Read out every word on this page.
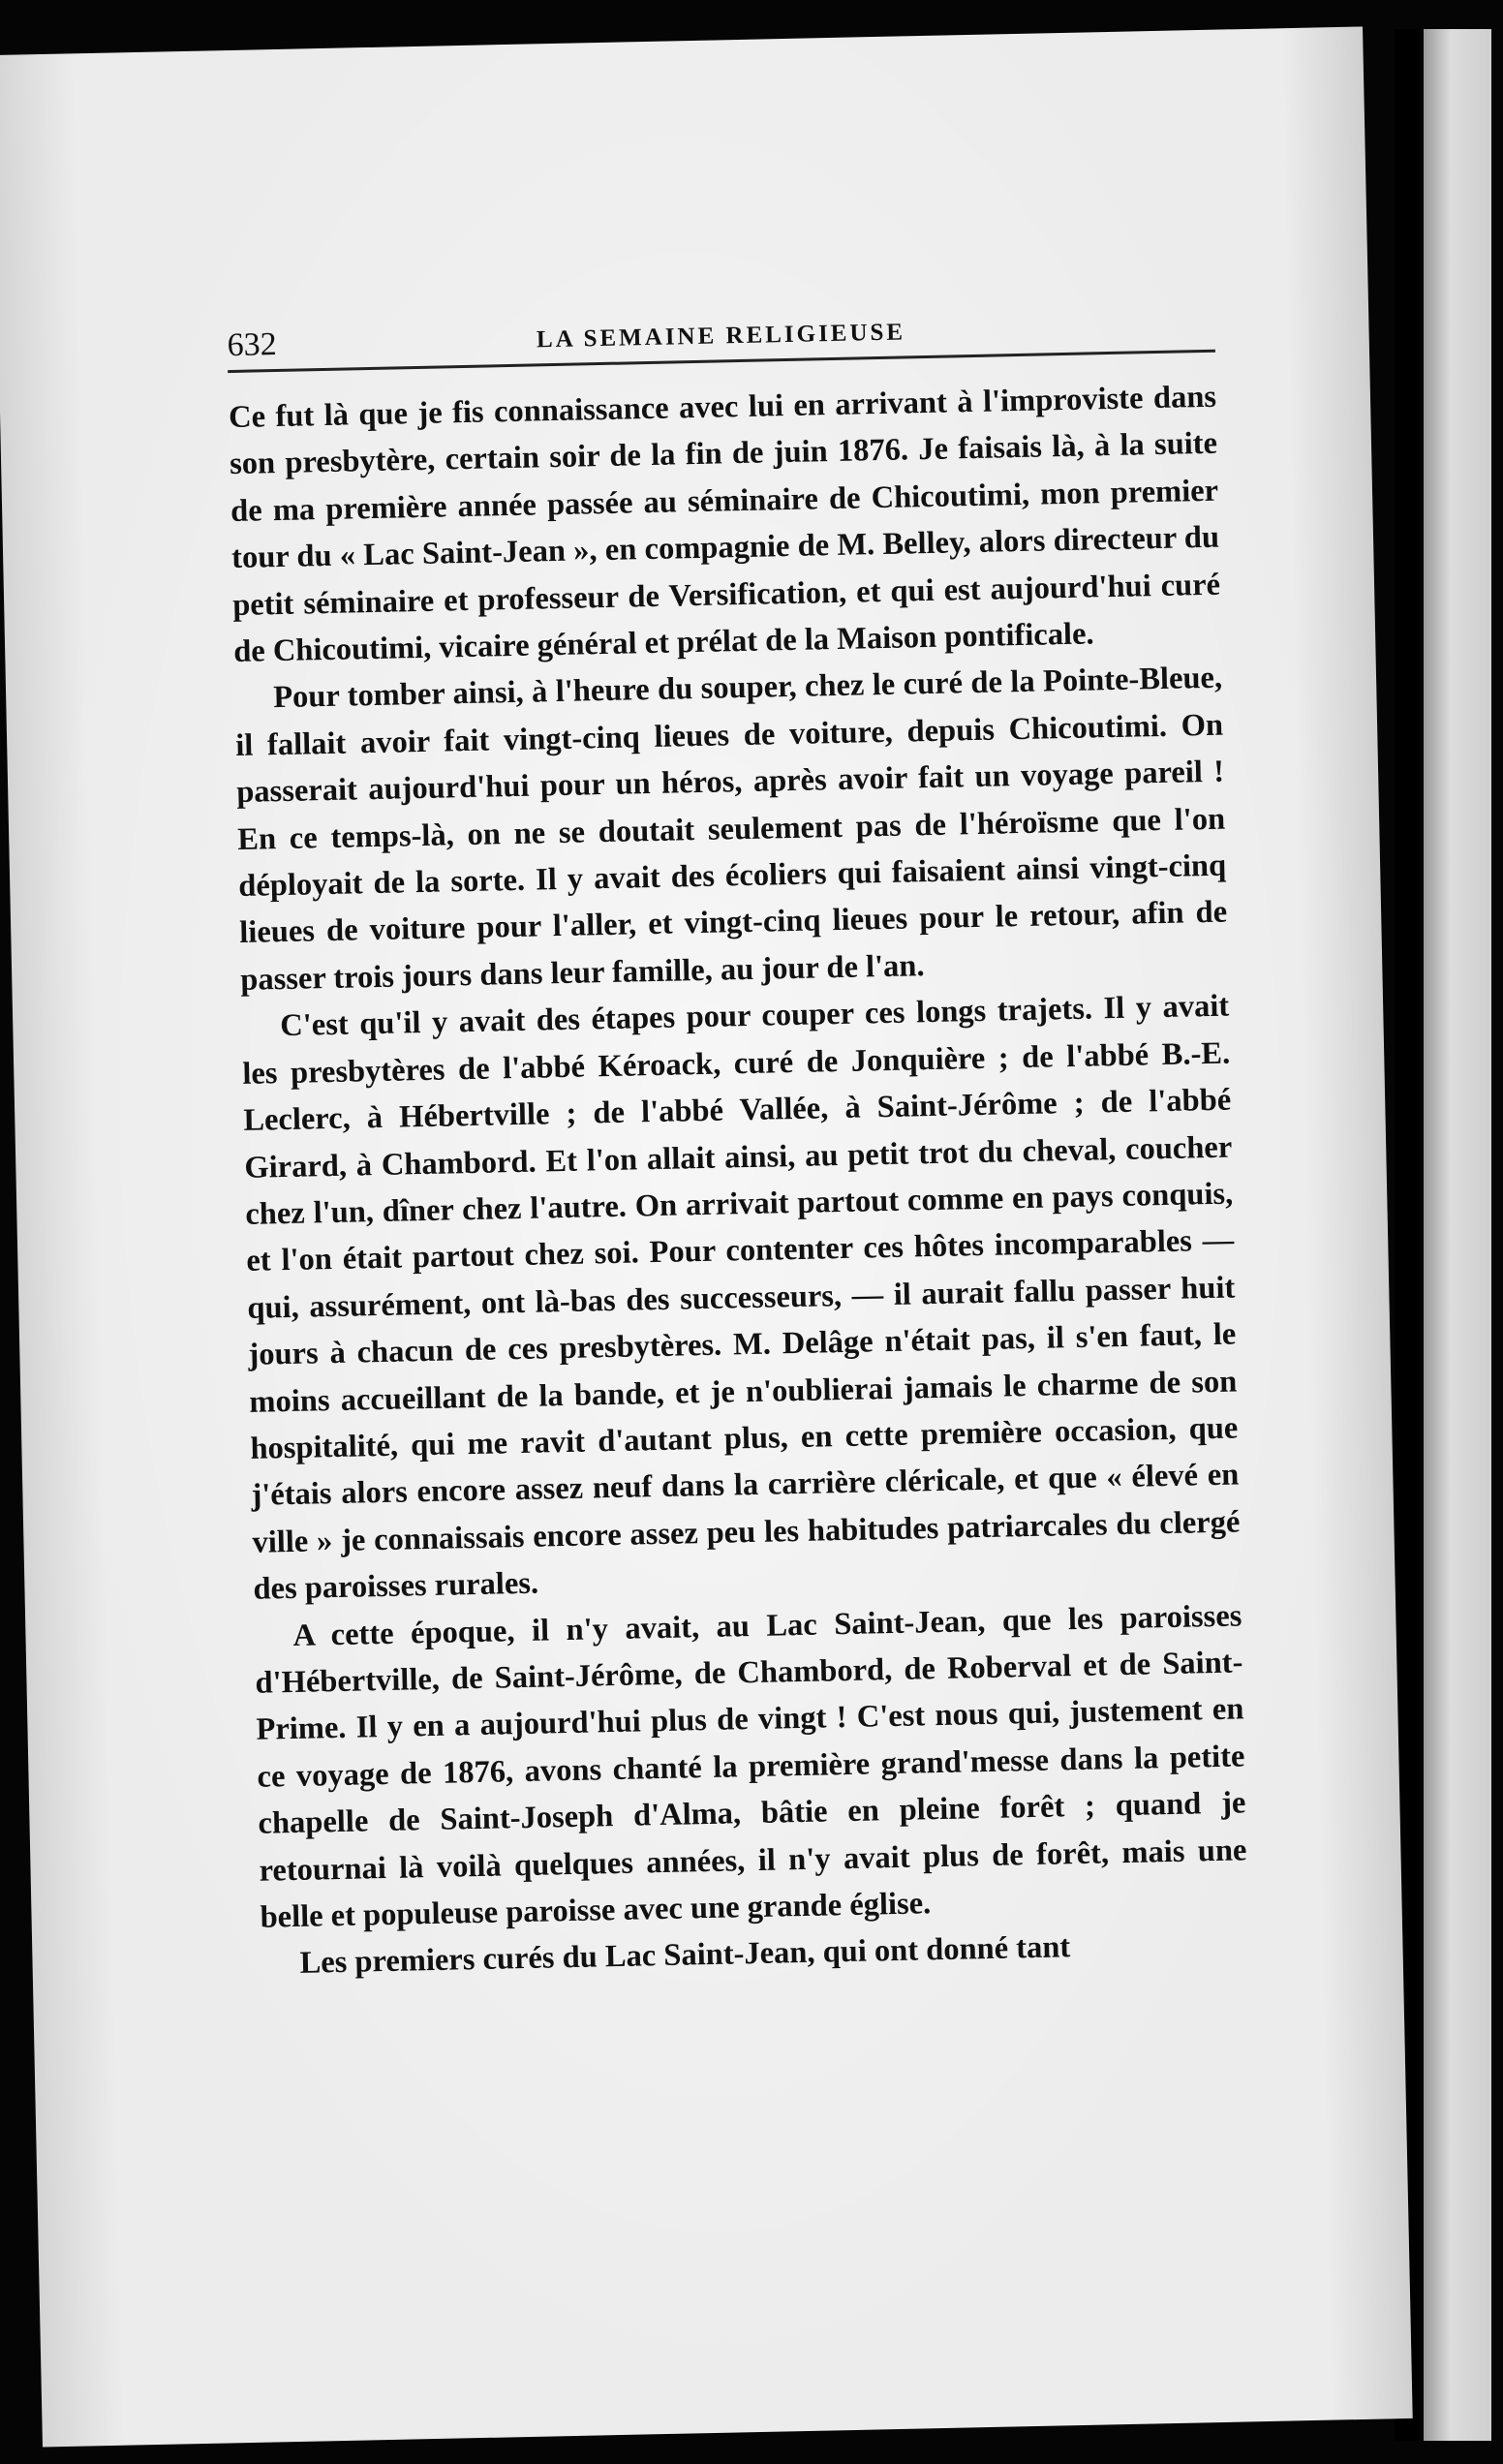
632	LA SEMAINE RELIGIEUSE

Ce fut là que je fis connaissance avec lui en arrivant à l'improviste dans son presbytère, certain soir de la fin de juin 1876. Je faisais là, à la suite de ma première année passée au séminaire de Chicoutimi, mon premier tour du « Lac Saint-Jean », en compagnie de M. Belley, alors directeur du petit séminaire et professeur de Versification, et qui est aujourd'hui curé de Chicoutimi, vicaire général et prélat de la Maison pontificale.

Pour tomber ainsi, à l'heure du souper, chez le curé de la Pointe-Bleue, il fallait avoir fait vingt-cinq lieues de voiture, depuis Chicoutimi. On passerait aujourd'hui pour un héros, après avoir fait un voyage pareil ! En ce temps-là, on ne se doutait seulement pas de l'héroïsme que l'on déployait de la sorte. Il y avait des écoliers qui faisaient ainsi vingt-cinq lieues de voiture pour l'aller, et vingt-cinq lieues pour le retour, afin de passer trois jours dans leur famille, au jour de l'an.

C'est qu'il y avait des étapes pour couper ces longs trajets. Il y avait les presbytères de l'abbé Kéroack, curé de Jonquière ; de l'abbé B.-E. Leclerc, à Hébertville ; de l'abbé Vallée, à Saint-Jérôme ; de l'abbé Girard, à Chambord. Et l'on allait ainsi, au petit trot du cheval, coucher chez l'un, dîner chez l'autre. On arrivait partout comme en pays conquis, et l'on était partout chez soi. Pour contenter ces hôtes incomparables — qui, assurément, ont là-bas des successeurs, — il aurait fallu passer huit jours à chacun de ces presbytères. M. Delâge n'était pas, il s'en faut, le moins accueillant de la bande, et je n'oublierai jamais le charme de son hospitalité, qui me ravit d'autant plus, en cette première occasion, que j'étais alors encore assez neuf dans la carrière cléricale, et que « élevé en ville » je connaissais encore assez peu les habitudes patriarcales du clergé des paroisses rurales.

A cette époque, il n'y avait, au Lac Saint-Jean, que les paroisses d'Hébertville, de Saint-Jérôme, de Chambord, de Roberval et de Saint-Prime. Il y en a aujourd'hui plus de vingt ! C'est nous qui, justement en ce voyage de 1876, avons chanté la première grand'messe dans la petite chapelle de Saint-Joseph d'Alma, bâtie en pleine forêt ; quand je retournai là voilà quelques années, il n'y avait plus de forêt, mais une belle et populeuse paroisse avec une grande église.

Les premiers curés du Lac Saint-Jean, qui ont donné tant
